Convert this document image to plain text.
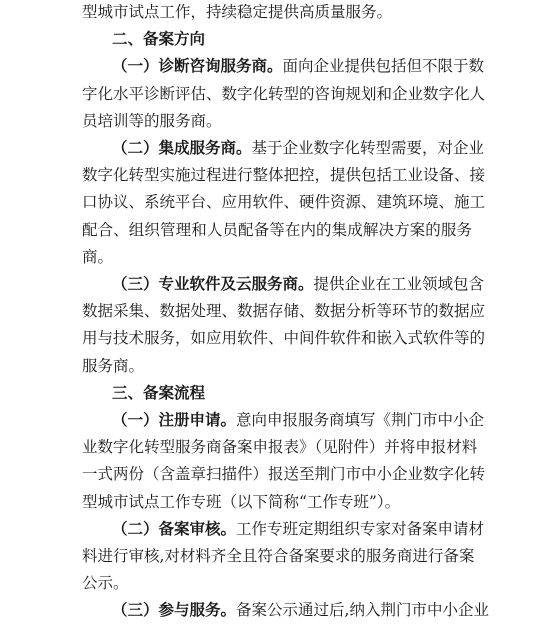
型城市试点工作，持续稳定提供高质量服务。
二、备案方向
（一）诊断咨询服务商。面向企业提供包括但不限于数
字化水平诊断评估、数字化转型的咨询规划和企业数字化人
员培训等的服务商。
（二）集成服务商。基于企业数字化转型需要，对企业
数字化转型实施过程进行整体把控，提供包括工业设备、接
口协议、系统平台、应用软件、硬件资源、建筑环境、施工
配合、组织管理和人员配备等在内的集成解决方案的服务
商。
（三）专业软件及云服务商。提供企业在工业领域包含
数据采集、数据处理、数据存储、数据分析等环节的数据应
用与技术服务，如应用软件、中间件软件和嵌入式软件等的
服务商。
三、备案流程
（一）注册申请。意向申报服务商填写《荆门市中小企
业数字化转型服务商备案申报表》（见附件）并将申报材料
一式两份（含盖章扫描件）报送至荆门市中小企业数字化转
型城市试点工作专班（以下简称“工作专班”）。
（二）备案审核。工作专班定期组织专家对备案申请材
料进行审核,对材料齐全且符合备案要求的服务商进行备案
公示。
（三）参与服务。备案公示通过后,纳入荆门市中小企业
